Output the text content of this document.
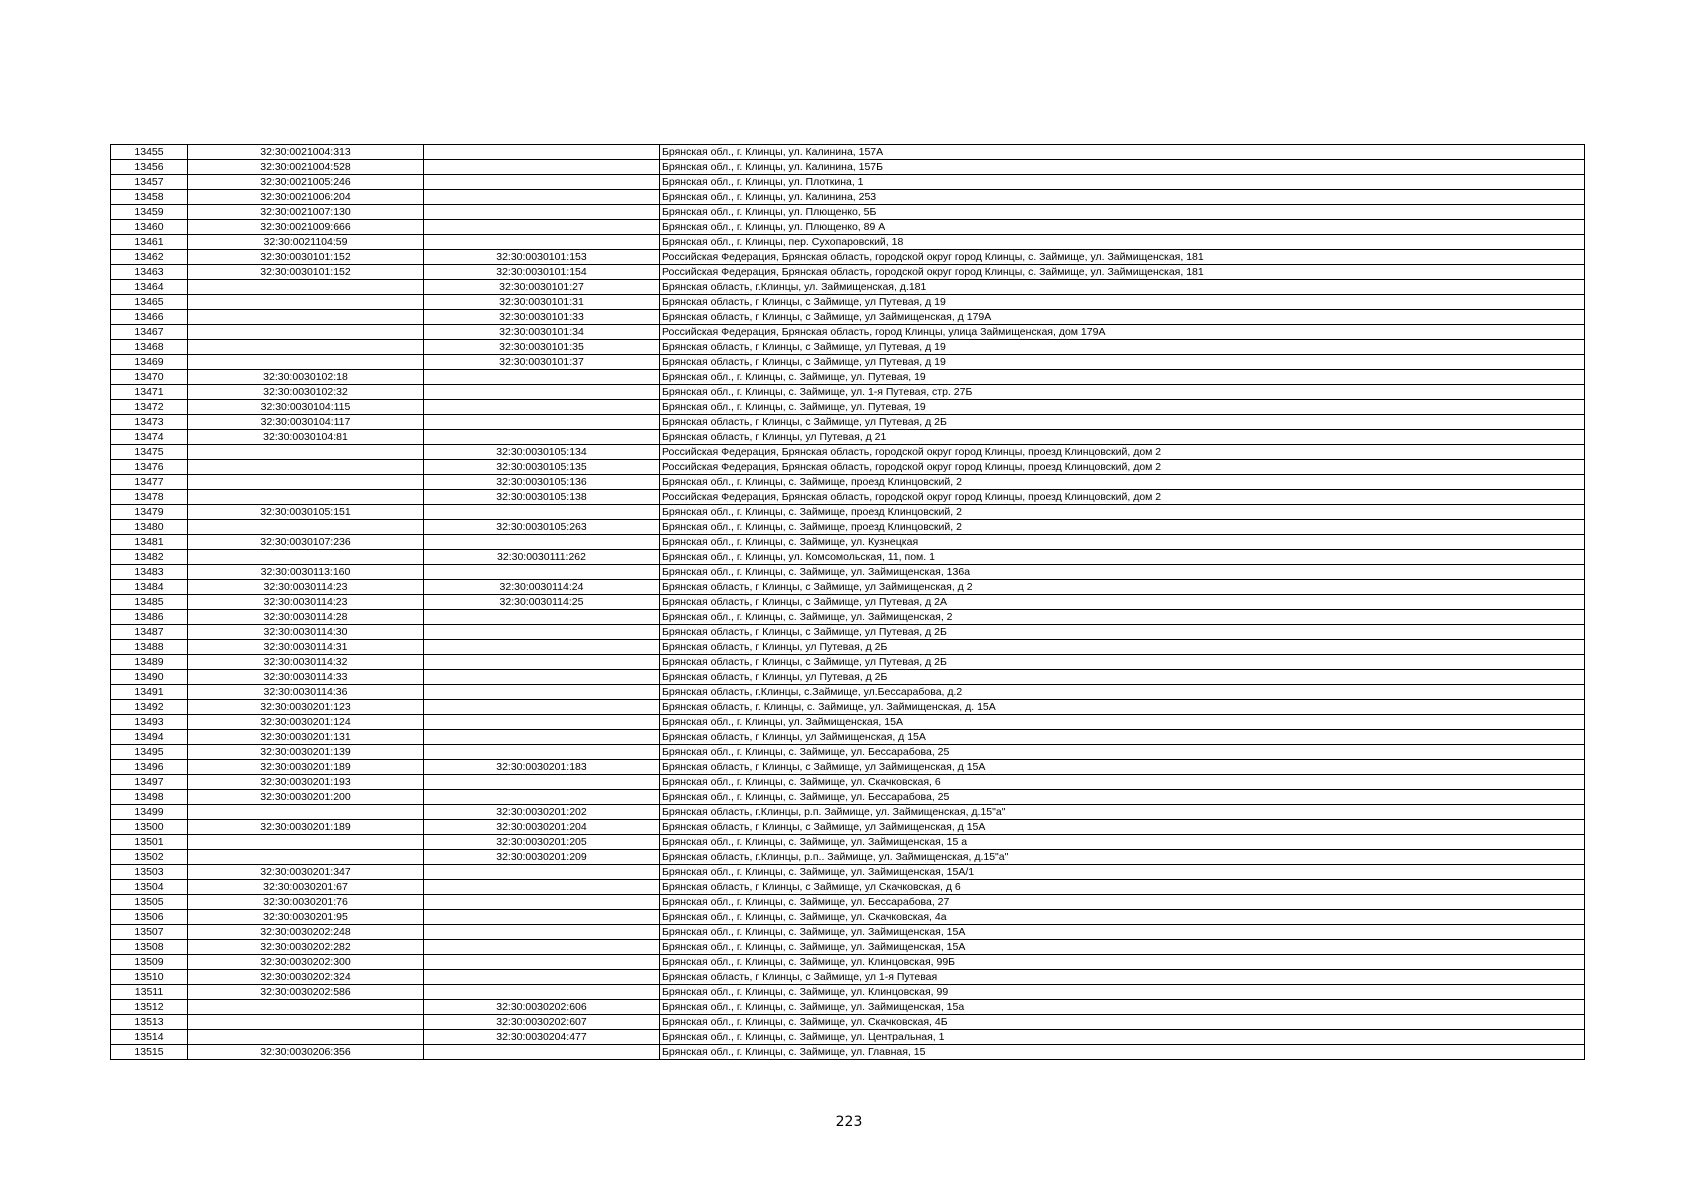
13455	32:30:0021004:313		Брянская обл., г. Клинцы, ул. Калинина, 157А
13456	32:30:0021004:528		Брянская обл., г. Клинцы, ул. Калинина, 157Б
13457	32:30:0021005:246		Брянская обл., г. Клинцы, ул. Плоткина, 1
13458	32:30:0021006:204		Брянская обл., г. Клинцы, ул. Калинина, 253
13459	32:30:0021007:130		Брянская обл., г. Клинцы, ул. Плющенко, 5Б
13460	32:30:0021009:666		Брянская обл., г. Клинцы, ул. Плющенко, 89 А
13461	32:30:0021104:59		Брянская обл., г. Клинцы, пер. Сухопаровский, 18
13462	32:30:0030101:152	32:30:0030101:153	Российская Федерация, Брянская область, городской округ город Клинцы, с. Займище, ул. Займищенская, 181
13463	32:30:0030101:152	32:30:0030101:154	Российская Федерация, Брянская область, городской округ город Клинцы, с. Займище, ул. Займищенская, 181
13464		32:30:0030101:27	Брянская область, г.Клинцы, ул. Займищенская, д.181
13465		32:30:0030101:31	Брянская область, г Клинцы, с Займище, ул Путевая, д 19
13466		32:30:0030101:33	Брянская область, г Клинцы, с Займище, ул Займищенская, д 179А
13467		32:30:0030101:34	Российская Федерация, Брянская область, город Клинцы, улица Займищенская, дом 179А
13468		32:30:0030101:35	Брянская область, г Клинцы, с Займище, ул Путевая, д 19
13469		32:30:0030101:37	Брянская область, г Клинцы, с Займище, ул Путевая, д 19
13470	32:30:0030102:18		Брянская обл., г. Клинцы, с. Займище, ул. Путевая, 19
13471	32:30:0030102:32		Брянская обл., г. Клинцы, с. Займище, ул. 1-я Путевая, стр. 27Б
13472	32:30:0030104:115		Брянская обл., г. Клинцы, с. Займище, ул. Путевая, 19
13473	32:30:0030104:117		Брянская область, г Клинцы, с Займище, ул Путевая, д 2Б
13474	32:30:0030104:81		Брянская область, г Клинцы, ул Путевая, д 21
13475		32:30:0030105:134	Российская Федерация, Брянская область, городской округ город Клинцы, проезд Клинцовский, дом 2
13476		32:30:0030105:135	Российская Федерация, Брянская область, городской округ город Клинцы, проезд Клинцовский, дом 2
13477		32:30:0030105:136	Брянская обл., г. Клинцы, с. Займище, проезд Клинцовский, 2
13478		32:30:0030105:138	Российская Федерация, Брянская область, городской округ город Клинцы, проезд Клинцовский, дом 2
13479	32:30:0030105:151		Брянская обл., г. Клинцы, с. Займище, проезд Клинцовский, 2
13480		32:30:0030105:263	Брянская обл., г. Клинцы, с. Займище, проезд Клинцовский, 2
13481	32:30:0030107:236		Брянская обл., г. Клинцы, с. Займище, ул. Кузнецкая
13482		32:30:0030111:262	Брянская обл., г. Клинцы, ул. Комсомольская, 11, пом. 1
13483	32:30:0030113:160		Брянская обл., г. Клинцы, с. Займище, ул. Займищенская, 136а
13484	32:30:0030114:23	32:30:0030114:24	Брянская область, г Клинцы, с Займище, ул Займищенская, д 2
13485	32:30:0030114:23	32:30:0030114:25	Брянская область, г Клинцы, с Займище, ул Путевая, д 2А
13486	32:30:0030114:28		Брянская обл., г. Клинцы, с. Займище, ул. Займищенская, 2
13487	32:30:0030114:30		Брянская область, г Клинцы, с Займище, ул Путевая, д 2Б
13488	32:30:0030114:31		Брянская область, г Клинцы, ул Путевая, д 2Б
13489	32:30:0030114:32		Брянская область, г Клинцы, с Займище, ул Путевая, д 2Б
13490	32:30:0030114:33		Брянская область, г Клинцы, ул Путевая, д 2Б
13491	32:30:0030114:36		Брянская область, г.Клинцы, с.Займище, ул.Бессарабова, д.2
13492	32:30:0030201:123		Брянская область, г. Клинцы, с. Займище, ул. Займищенская, д. 15А
13493	32:30:0030201:124		Брянская обл., г. Клинцы, ул. Займищенская, 15А
13494	32:30:0030201:131		Брянская область, г Клинцы, ул Займищенская, д 15А
13495	32:30:0030201:139		Брянская обл., г. Клинцы, с. Займище, ул. Бессарабова, 25
13496	32:30:0030201:189	32:30:0030201:183	Брянская область, г Клинцы, с Займище, ул Займищенская, д 15А
13497	32:30:0030201:193		Брянская обл., г. Клинцы, с. Займище, ул. Скачковская, 6
13498	32:30:0030201:200		Брянская обл., г. Клинцы, с. Займище, ул. Бессарабова, 25
13499		32:30:0030201:202	Брянская область, г.Клинцы, р.п. Займище, ул. Займищенская, д.15"а"
13500	32:30:0030201:189	32:30:0030201:204	Брянская область, г Клинцы, с Займище, ул Займищенская, д 15А
13501		32:30:0030201:205	Брянская обл., г. Клинцы, с. Займище, ул. Займищенская, 15 а
13502		32:30:0030201:209	Брянская область, г.Клинцы, р.п.. Займище, ул. Займищенская, д.15"а"
13503	32:30:0030201:347		Брянская обл., г. Клинцы, с. Займище, ул. Займищенская, 15А/1
13504	32:30:0030201:67		Брянская область, г Клинцы, с Займище, ул Скачковская, д 6
13505	32:30:0030201:76		Брянская обл., г. Клинцы, с. Займище, ул. Бессарабова, 27
13506	32:30:0030201:95		Брянская обл., г. Клинцы, с. Займище, ул. Скачковская, 4а
13507	32:30:0030202:248		Брянская обл., г. Клинцы, с. Займище, ул. Займищенская, 15А
13508	32:30:0030202:282		Брянская обл., г. Клинцы, с. Займище, ул. Займищенская, 15А
13509	32:30:0030202:300		Брянская обл., г. Клинцы, с. Займище, ул. Клинцовская, 99Б
13510	32:30:0030202:324		Брянская область, г Клинцы, с Займище, ул 1-я Путевая
13511	32:30:0030202:586		Брянская обл., г. Клинцы, с. Займище, ул. Клинцовская, 99
13512		32:30:0030202:606	Брянская обл., г. Клинцы, с. Займище, ул. Займищенская, 15а
13513		32:30:0030202:607	Брянская обл., г. Клинцы, с. Займище, ул. Скачковская, 4Б
13514		32:30:0030204:477	Брянская обл., г. Клинцы, с. Займище, ул. Центральная, 1
13515	32:30:0030206:356		Брянская обл., г. Клинцы, с. Займище, ул. Главная, 15
223
